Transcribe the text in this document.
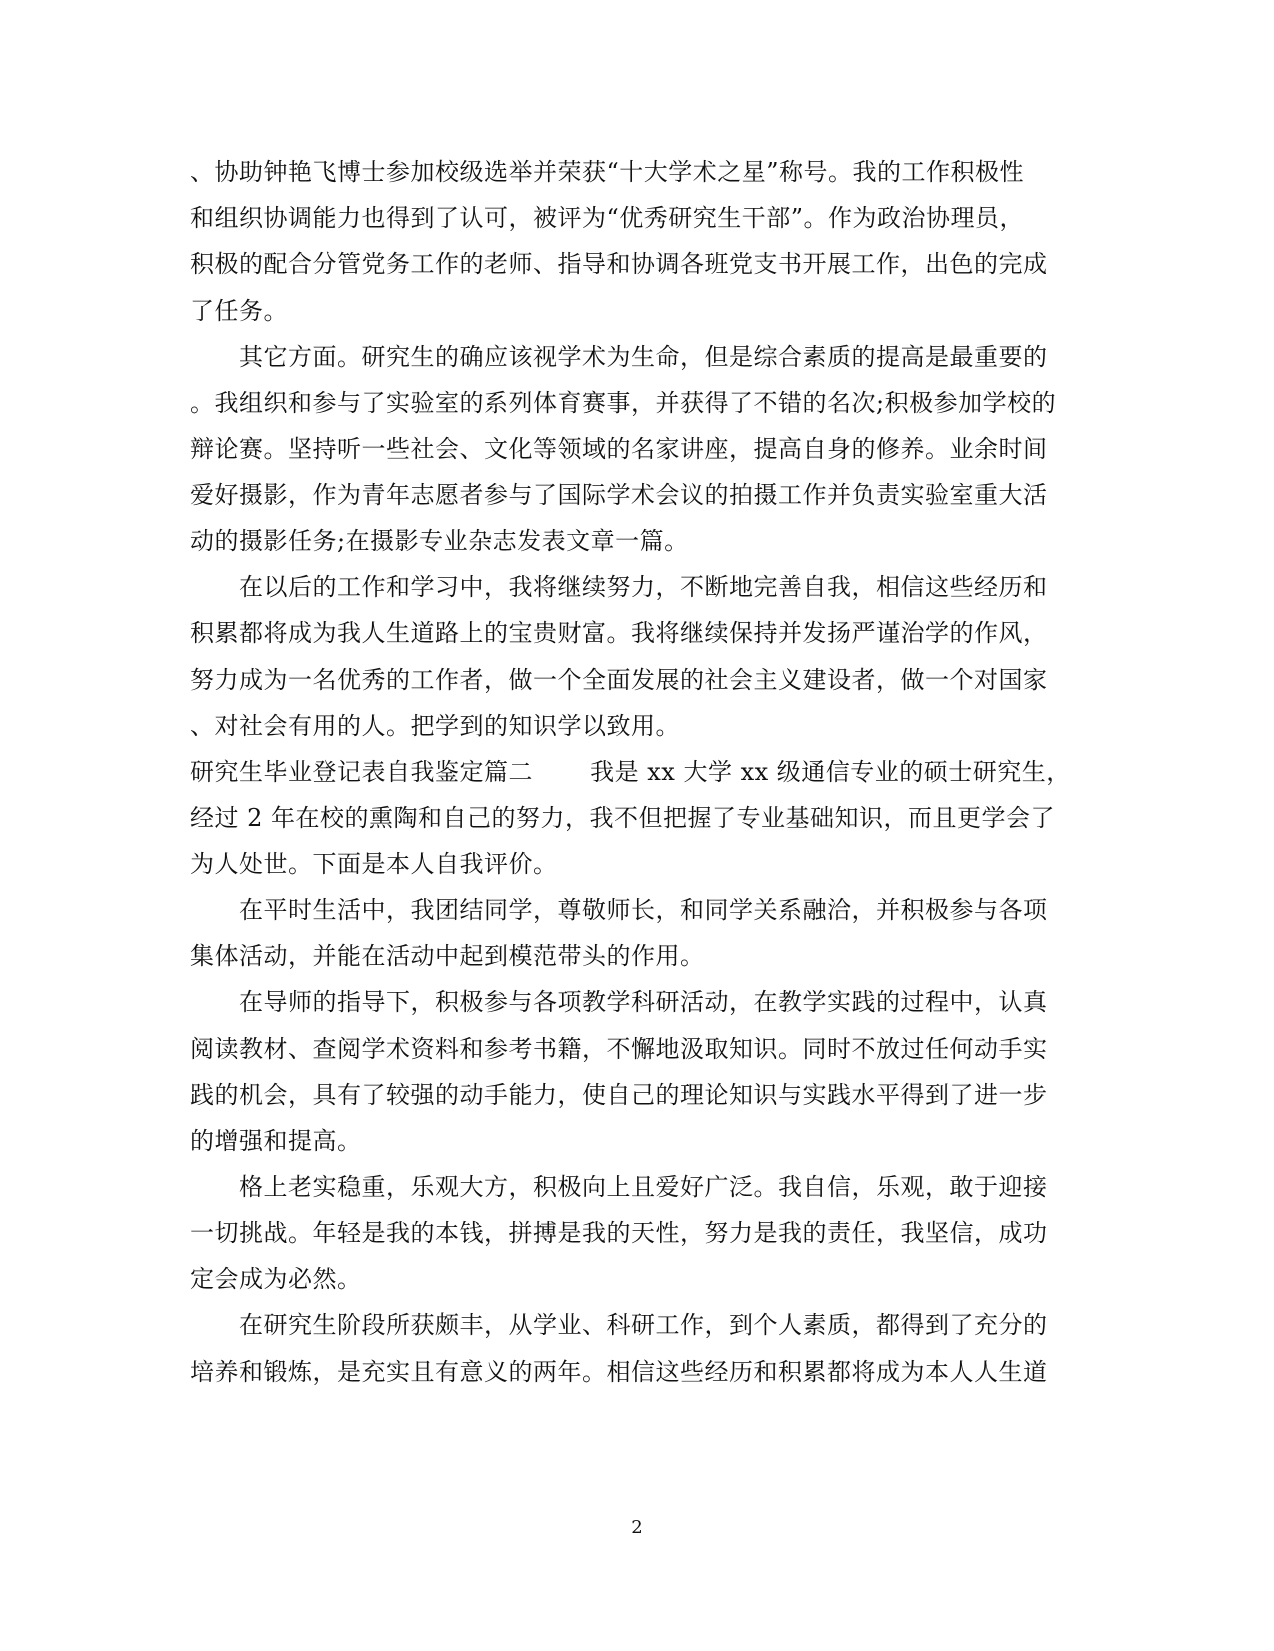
、协助钟艳飞博士参加校级选举并荣获“十大学术之星”称号。我的工作积极性
和组织协调能力也得到了认可，被评为“优秀研究生干部”。作为政治协理员，
积极的配合分管党务工作的老师、指导和协调各班党支书开展工作，出色的完成
了任务。
　　其它方面。研究生的确应该视学术为生命，但是综合素质的提高是最重要的
。我组织和参与了实验室的系列体育赛事，并获得了不错的名次;积极参加学校的
辩论赛。坚持听一些社会、文化等领域的名家讲座，提高自身的修养。业余时间
爱好摄影，作为青年志愿者参与了国际学术会议的拍摄工作并负责实验室重大活
动的摄影任务;在摄影专业杂志发表文章一篇。
　　在以后的工作和学习中，我将继续努力，不断地完善自我，相信这些经历和
积累都将成为我人生道路上的宝贵财富。我将继续保持并发扬严谨治学的作风，
努力成为一名优秀的工作者，做一个全面发展的社会主义建设者，做一个对国家
、对社会有用的人。把学到的知识学以致用。
研究生毕业登记表自我鉴定篇二　　 我是 xx 大学 xx 级通信专业的硕士研究生，
经过 2 年在校的熏陶和自己的努力，我不但把握了专业基础知识，而且更学会了
为人处世。下面是本人自我评价。
　　在平时生活中，我团结同学，尊敬师长，和同学关系融洽，并积极参与各项
集体活动，并能在活动中起到模范带头的作用。
　　在导师的指导下，积极参与各项教学科研活动，在教学实践的过程中，认真
阅读教材、查阅学术资料和参考书籍，不懈地汲取知识。同时不放过任何动手实
践的机会，具有了较强的动手能力，使自己的理论知识与实践水平得到了进一步
的增强和提高。
　　格上老实稳重，乐观大方，积极向上且爱好广泛。我自信，乐观，敢于迎接
一切挑战。年轻是我的本钱，拼搏是我的天性，努力是我的责任，我坚信，成功
定会成为必然。
　　在研究生阶段所获颇丰，从学业、科研工作，到个人素质，都得到了充分的
培养和锻炼，是充实且有意义的两年。相信这些经历和积累都将成为本人人生道
2
